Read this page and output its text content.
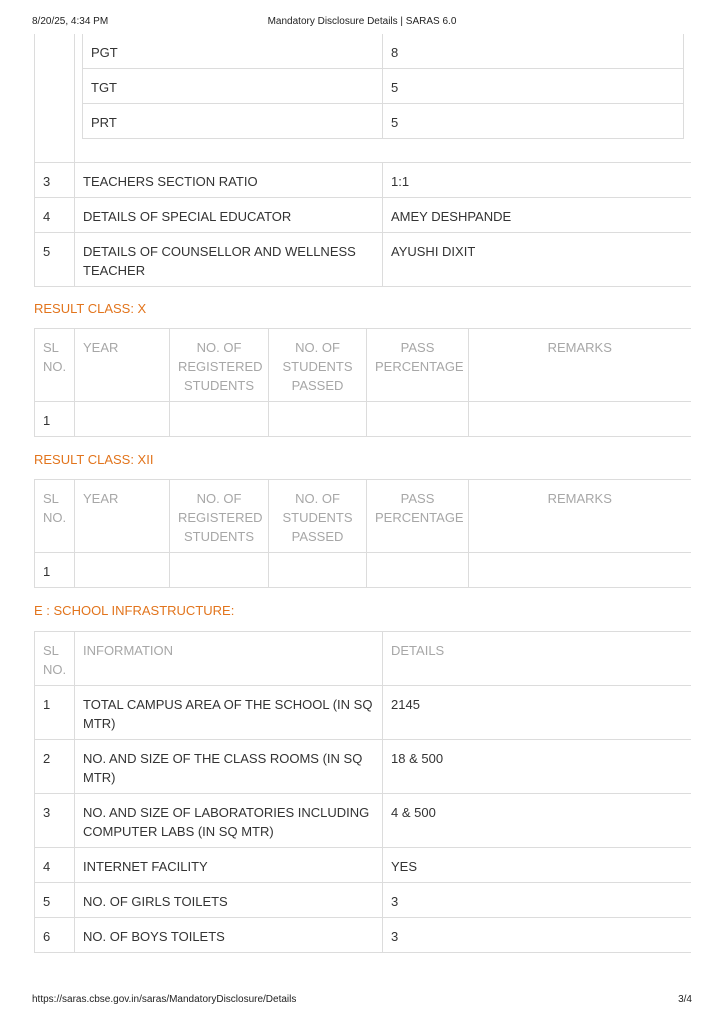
8/20/25, 4:34 PM	Mandatory Disclosure Details | SARAS 6.0
PGT	8
TGT	5
PRT	5
3	TEACHERS SECTION RATIO	1:1
4	DETAILS OF SPECIAL EDUCATOR	AMEY DESHPANDE
5	DETAILS OF COUNSELLOR AND WELLNESS TEACHER	AYUSHI DIXIT
RESULT CLASS: X
SL NO.	YEAR	NO. OF REGISTERED STUDENTS	NO. OF STUDENTS PASSED	PASS PERCENTAGE	REMARKS
1					
RESULT CLASS: XII
SL NO.	YEAR	NO. OF REGISTERED STUDENTS	NO. OF STUDENTS PASSED	PASS PERCENTAGE	REMARKS
1					
E : SCHOOL INFRASTRUCTURE:
SL NO.	INFORMATION	DETAILS
1	TOTAL CAMPUS AREA OF THE SCHOOL (IN SQ MTR)	2145
2	NO. AND SIZE OF THE CLASS ROOMS (IN SQ MTR)	18 & 500
3	NO. AND SIZE OF LABORATORIES INCLUDING COMPUTER LABS (IN SQ MTR)	4 & 500
4	INTERNET FACILITY	YES
5	NO. OF GIRLS TOILETS	3
6	NO. OF BOYS TOILETS	3
https://saras.cbse.gov.in/saras/MandatoryDisclosure/Details	3/4
